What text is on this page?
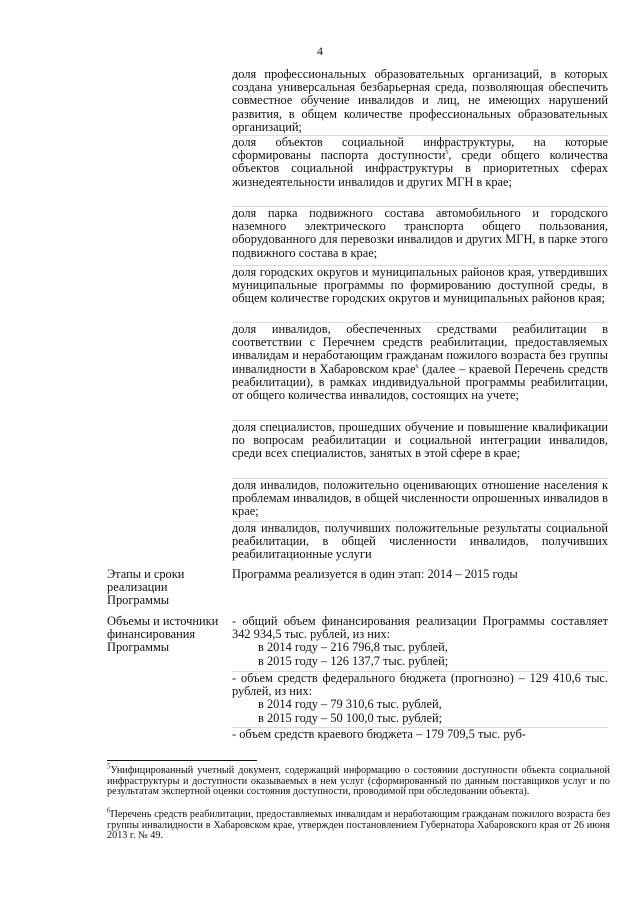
4
доля профессиональных образовательных организаций, в которых создана универсальная безбарьерная среда, позволяющая обеспечить совместное обучение инвалидов и лиц, не имеющих нарушений развития, в общем количестве профессиональных образовательных организаций;
доля объектов социальной инфраструктуры, на которые сформированы паспорта доступности$^5$, среди общего количества объектов социальной инфраструктуры в приоритетных сферах жизнедеятельности инвалидов и других МГН в крае;
доля парка подвижного состава автомобильного и городского наземного электрического транспорта общего пользования, оборудованного для перевозки инвалидов и других МГН, в парке этого подвижного состава в крае;
доля городских округов и муниципальных районов края, утвердивших муниципальные программы по формированию доступной среды, в общем количестве городских округов и муниципальных районов края;
доля инвалидов, обеспеченных средствами реабилитации в соответствии с Перечнем средств реабилитации, предоставляемых инвалидам и неработающим гражданам пожилого возраста без группы инвалидности в Хабаровском крае$^6$ (далее – краевой Перечень средств реабилитации), в рамках индивидуальной программы реабилитации, от общего количества инвалидов, состоящих на учете;
доля специалистов, прошедших обучение и повышение квалификации по вопросам реабилитации и социальной интеграции инвалидов, среди всех специалистов, занятых в этой сфере в крае;
доля инвалидов, положительно оценивающих отношение населения к проблемам инвалидов, в общей численности опрошенных инвалидов в крае;
доля инвалидов, получивших положительные результаты социальной реабилитации, в общей численности инвалидов, получивших реабилитационные услуги
Этапы и сроки реализации Программы
Программа реализуется в один этап: 2014 – 2015 годы
Объемы и источники финансирования Программы
- общий объем финансирования реализации Программы составляет 342 934,5 тыс. рублей, из них:
в 2014 году – 216 796,8 тыс. рублей,
в 2015 году – 126 137,7 тыс. рублей;
- объем средств федерального бюджета (прогнозно) – 129 410,6 тыс. рублей, из них:
в 2014 году – 79 310,6 тыс. рублей,
в 2015 году – 50 100,0 тыс. рублей;
- объем средств краевого бюджета – 179 709,5 тыс. руб-
$^5$Унифицированный учетный документ, содержащий информацию о состоянии доступности объекта социальной инфраструктуры и доступности оказываемых в нем услуг (сформированный по данным поставщиков услуг и по результатам экспертной оценки состояния доступности, проводимой при обследовании объекта).
$^6$Перечень средств реабилитации, предоставляемых инвалидам и неработающим гражданам пожилого возраста без группы инвалидности в Хабаровском крае, утвержден постановлением Губернатора Хабаровского края от 26 июня 2013 г. № 49.
